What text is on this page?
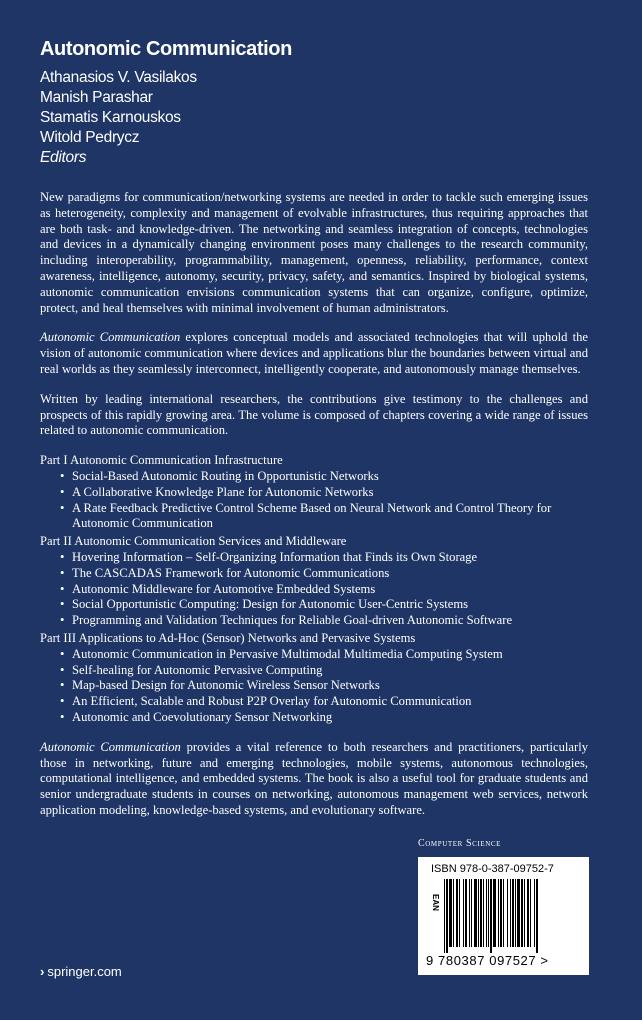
Autonomic Communication
Athanasios V. Vasilakos
Manish Parashar
Stamatis Karnouskos
Witold Pedrycz
Editors

New paradigms for communication/networking systems are needed in order to tackle such emerging issues as heterogeneity, complexity and management of evolvable infrastructures, thus requiring approaches that are both task- and knowledge-driven. The networking and seamless integration of concepts, technologies and devices in a dynamically changing environment poses many challenges to the research community, including interoperability, programmability, management, openness, reliability, performance, context awareness, intelligence, autonomy, security, privacy, safety, and semantics. Inspired by biological systems, autonomic communication envisions communication systems that can organize, configure, optimize, protect, and heal themselves with minimal involvement of human administrators.

Autonomic Communication explores conceptual models and associated technologies that will uphold the vision of autonomic communication where devices and applications blur the boundaries between virtual and real worlds as they seamlessly interconnect, intelligently cooperate, and autonomously manage themselves.

Written by leading international researchers, the contributions give testimony to the challenges and prospects of this rapidly growing area. The volume is composed of chapters covering a wide range of issues related to autonomic communication.

Part I Autonomic Communication Infrastructure
• Social-Based Autonomic Routing in Opportunistic Networks
• A Collaborative Knowledge Plane for Autonomic Networks
• A Rate Feedback Predictive Control Scheme Based on Neural Network and Control Theory for Autonomic Communication
Part II Autonomic Communication Services and Middleware
• Hovering Information – Self-Organizing Information that Finds its Own Storage
• The CASCADAS Framework for Autonomic Communications
• Autonomic Middleware for Automotive Embedded Systems
• Social Opportunistic Computing: Design for Autonomic User-Centric Systems
• Programming and Validation Techniques for Reliable Goal-driven Autonomic Software
Part III Applications to Ad-Hoc (Sensor) Networks and Pervasive Systems
• Autonomic Communication in Pervasive Multimodal Multimedia Computing System
• Self-healing for Autonomic Pervasive Computing
• Map-based Design for Autonomic Wireless Sensor Networks
• An Efficient, Scalable and Robust P2P Overlay for Autonomic Communication
• Autonomic and Coevolutionary Sensor Networking

Autonomic Communication provides a vital reference to both researchers and practitioners, particularly those in networking, future and emerging technologies, mobile systems, autonomous technologies, computational intelligence, and embedded systems. The book is also a useful tool for graduate students and senior undergraduate students in courses on networking, autonomous management web services, network application modeling, knowledge-based systems, and evolutionary software.

Computer Science
ISBN 978-0-387-09752-7
EAN
9 780387 097527 >
› springer.com
